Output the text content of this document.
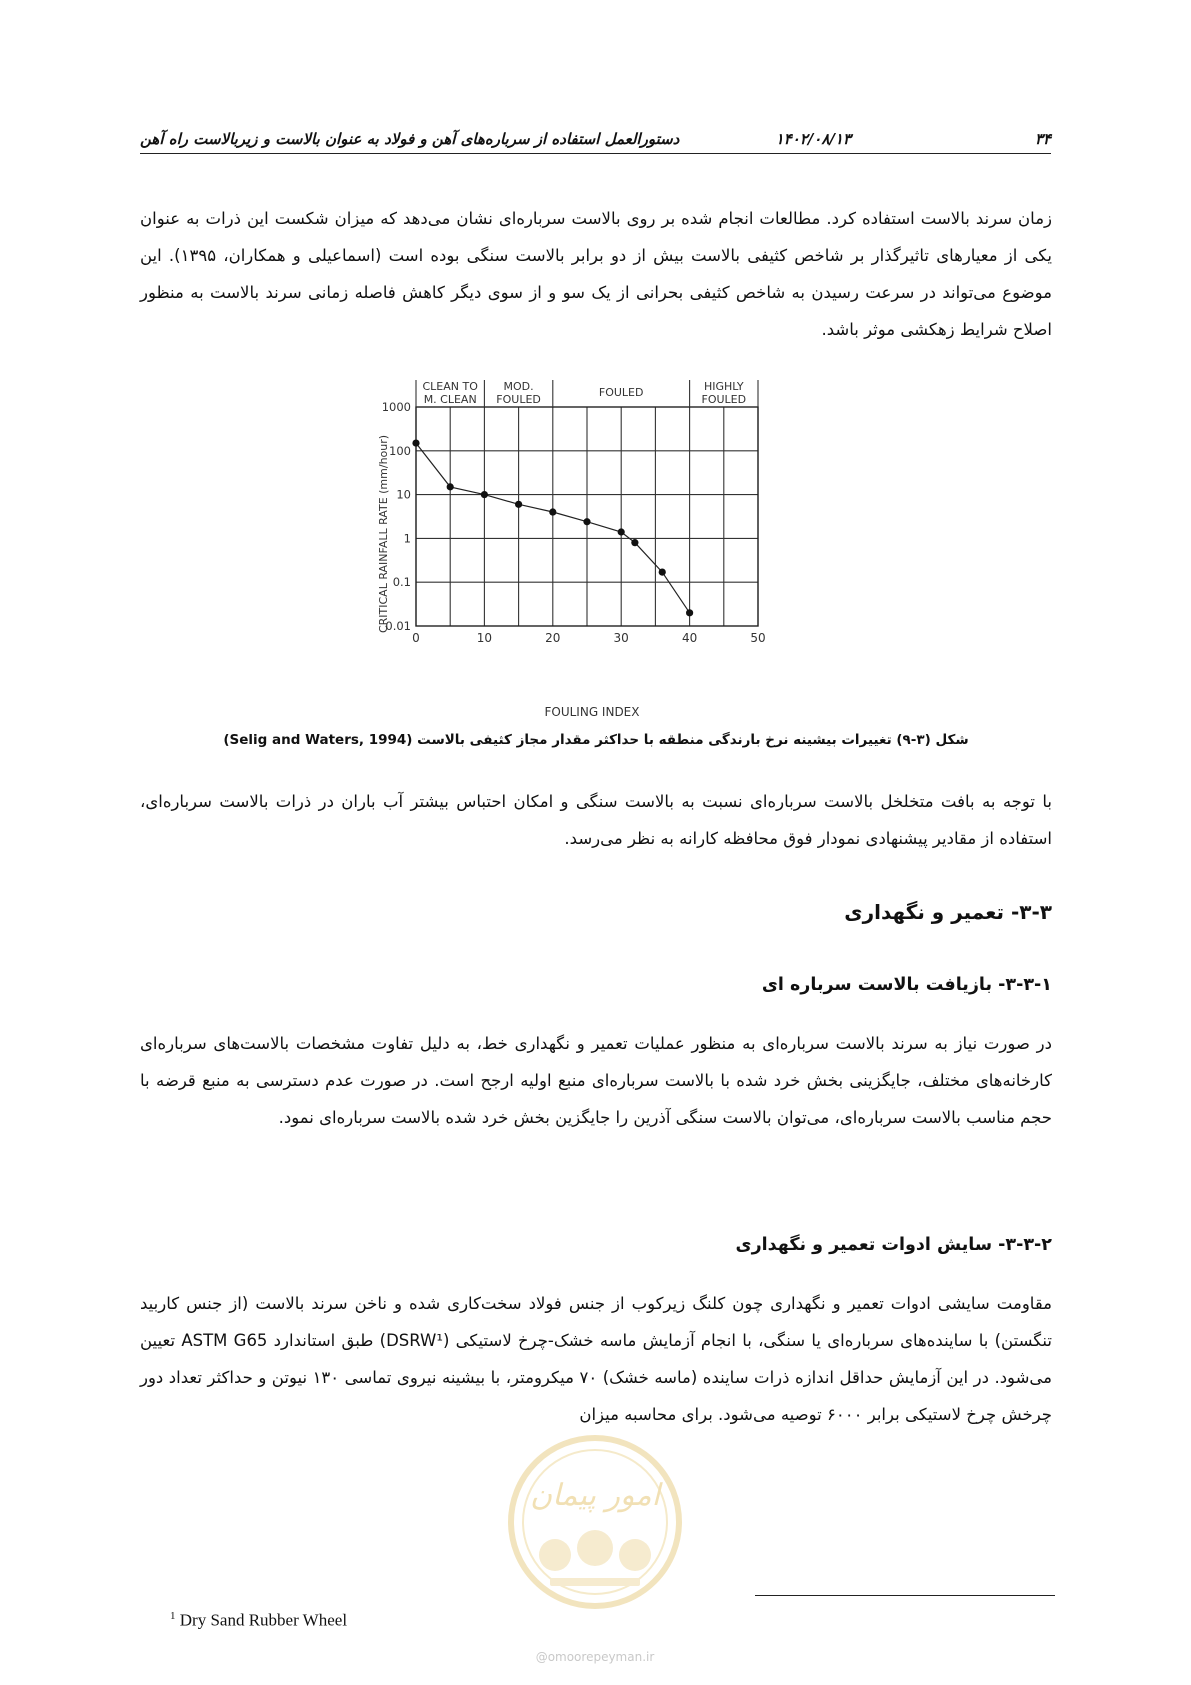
۳۴
۱۴۰۲/۰۸/۱۳
دستورالعمل استفاده از سرباره‌های آهن و فولاد به عنوان بالاست و زیربالاست راه آهن
زمان سرند بالاست استفاده کرد. مطالعات انجام شده بر روی بالاست سرباره‌ای نشان می‌دهد که میزان شکست این ذرات به عنوان یکی از معیارهای تاثیرگذار بر شاخص کثیفی بالاست بیش از دو برابر بالاست سنگی بوده است (اسماعیلی و همکاران، ۱۳۹۵). این موضوع می‌تواند در سرعت رسیدن به شاخص کثیفی بحرانی از یک سو و از سوی دیگر کاهش فاصله زمانی سرند بالاست به منظور اصلاح شرایط زهکشی موثر باشد.
CLEAN TO
M. CLEAN
MOD.
FOULED
FOULED	HIGHLY
FOULED
0	10	20	30	40	50
0.01
0.1
1
10
100
1000
FOULING INDEX
CRITICAL RAINFALL RATE (mm/hour)
شکل (۳-۹) تغییرات بیشینه نرخ بارندگی منطقه با حداکثر مقدار مجاز کثیفی بالاست (Selig and Waters, 1994)
با توجه به بافت متخلخل بالاست سرباره‌ای نسبت به بالاست سنگی و امکان احتباس بیشتر آب باران در ذرات بالاست سرباره‌ای، استفاده از مقادیر پیشنهادی نمودار فوق محافظه کارانه به نظر می‌رسد.
۳-۳- تعمیر و نگهداری
۳-۳-۱- بازیافت بالاست سرباره ای
در صورت نیاز به سرند بالاست سرباره‌ای به منظور عملیات تعمیر و نگهداری خط، به دلیل تفاوت مشخصات بالاست‌های سرباره‌ای کارخانه‌های مختلف، جایگزینی بخش خرد شده با بالاست سرباره‌ای منبع اولیه ارجح است. در صورت عدم دسترسی به منبع قرضه با حجم مناسب بالاست سرباره‌ای، می‌توان بالاست سنگی آذرین را جایگزین بخش خرد شده بالاست سرباره‌ای نمود.
۳-۳-۲- سایش ادوات تعمیر و نگهداری
مقاومت سایشی ادوات تعمیر و نگهداری چون کلنگ زیرکوب از جنس فولاد سخت‌کاری شده و ناخن سرند بالاست (از جنس کاربید تنگستن) با ساینده‌های سرباره‌ای یا سنگی، با انجام آزمایش ماسه خشک-چرخ لاستیکی (DSRW¹) طبق استاندارد ASTM G65 تعیین می‌شود. در این آزمایش حداقل اندازه ذرات ساینده (ماسه خشک) ۷۰ میکرومتر، با بیشینه نیروی تماسی ۱۳۰ نیوتن و حداکثر تعداد دور چرخش چرخ لاستیکی برابر ۶۰۰۰ توصیه می‌شود. برای محاسبه میزان
$^1$ Dry Sand Rubber Wheel
امور پیمان
@omoorepeyman.ir
